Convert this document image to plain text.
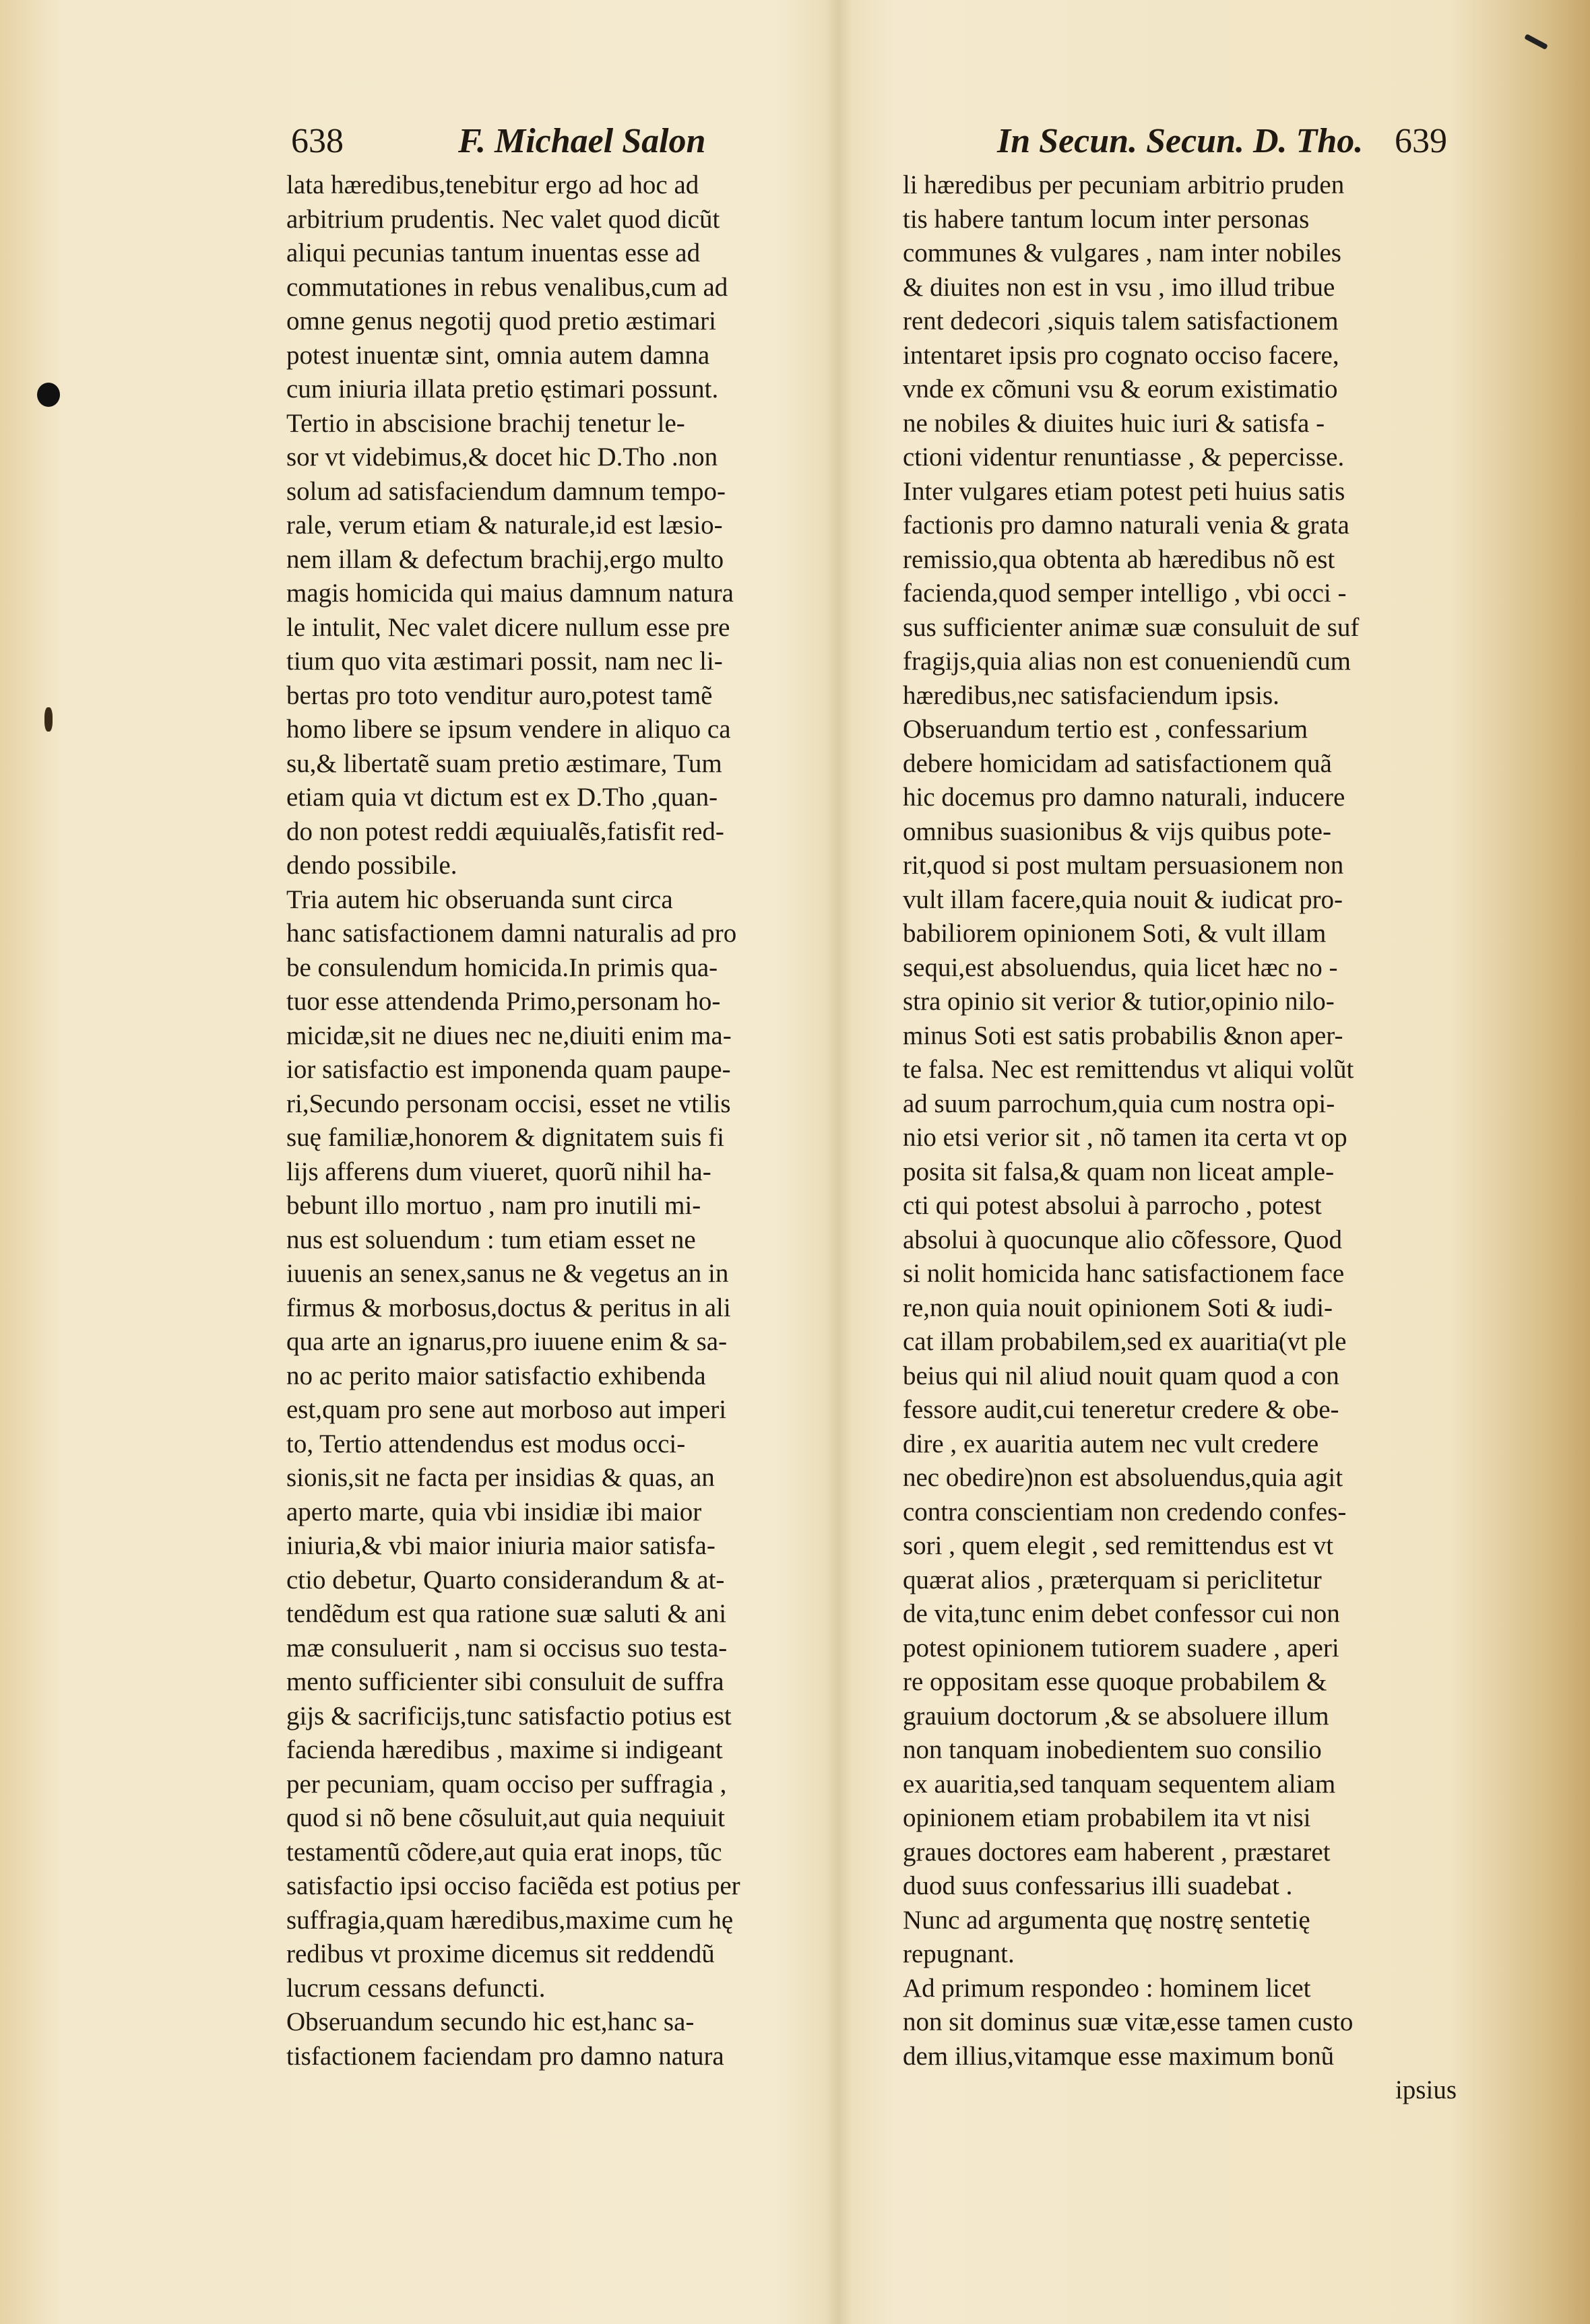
638	F. Michael Salon	In Secun. Secun. D. Tho. 639
lata hæredibus,tenebitur ergo ad hoc ad
arbitrium prudentis. Nec valet quod dicũt
aliqui pecunias tantum inuentas esse ad
commutationes in rebus venalibus,cum ad
omne genus negotij quod pretio æstimari
potest inuentæ sint, omnia autem damna
cum iniuria illata pretio ęstimari possunt.
Tertio in abscisione brachij tenetur le-
sor vt videbimus,& docet hic D.Tho .non
solum ad satisfaciendum damnum tempo-
rale, verum etiam & naturale,id est læsio-
nem illam & defectum brachij,ergo multo
magis homicida qui maius damnum natura
le intulit, Nec valet dicere nullum esse pre
tium quo vita æstimari possit, nam nec li-
bertas pro toto venditur auro,potest tamẽ
homo libere se ipsum vendere in aliquo ca
su,& libertatẽ suam pretio æstimare, Tum
etiam quia vt dictum est ex D.Tho ,quan-
do non potest reddi æquiualẽs,fatisfit red-
dendo possibile.
Tria autem hic obseruanda sunt circa
hanc satisfactionem damni naturalis ad pro
be consulendum homicida.In primis qua-
tuor esse attendenda Primo,personam ho-
micidæ,sit ne diues nec ne,diuiti enim ma-
ior satisfactio est imponenda quam paupe-
ri,Secundo personam occisi, esset ne vtilis
suę familiæ,honorem & dignitatem suis fi
lijs afferens dum viueret, quorũ nihil ha-
bebunt illo mortuo , nam pro inutili mi-
nus est soluendum : tum etiam esset ne
iuuenis an senex,sanus ne & vegetus an in
firmus & morbosus,doctus & peritus in ali
qua arte an ignarus,pro iuuene enim & sa-
no ac perito maior satisfactio exhibenda
est,quam pro sene aut morboso aut imperi
to, Tertio attendendus est modus occi-
sionis,sit ne facta per insidias & quas, an
aperto marte, quia vbi insidiæ ibi maior
iniuria,& vbi maior iniuria maior satisfa-
ctio debetur, Quarto considerandum & at-
tendẽdum est qua ratione suæ saluti & ani
mæ consuluerit , nam si occisus suo testa-
mento sufficienter sibi consuluit de suffra
gijs & sacrificijs,tunc satisfactio potius est
facienda hæredibus , maxime si indigeant
per pecuniam, quam occiso per suffragia ,
quod si nõ bene cõsuluit,aut quia nequiuit
testamentũ cõdere,aut quia erat inops, tũc
satisfactio ipsi occiso faciẽda est potius per
suffragia,quam hæredibus,maxime cum hę
redibus vt proxime dicemus sit reddendũ
lucrum cessans defuncti.
Obseruandum secundo hic est,hanc sa-
tisfactionem faciendam pro damno natura
li hæredibus per pecuniam arbitrio pruden
tis habere tantum locum inter personas
communes & vulgares , nam inter nobiles
& diuites non est in vsu , imo illud tribue
rent dedecori ,siquis talem satisfactionem
intentaret ipsis pro cognato occiso facere,
vnde ex cõmuni vsu & eorum existimatio
ne nobiles & diuites huic iuri & satisfa -
ctioni videntur renuntiasse , & pepercisse.
Inter vulgares etiam potest peti huius satis
factionis pro damno naturali venia & grata
remissio,qua obtenta ab hæredibus nõ est
facienda,quod semper intelligo , vbi occi -
sus sufficienter animæ suæ consuluit de suf
fragijs,quia alias non est conueniendũ cum
hæredibus,nec satisfaciendum ipsis.
Obseruandum tertio est , confessarium
debere homicidam ad satisfactionem quã
hic docemus pro damno naturali, inducere
omnibus suasionibus & vijs quibus pote-
rit,quod si post multam persuasionem non
vult illam facere,quia nouit & iudicat pro-
babiliorem opinionem Soti, & vult illam
sequi,est absoluendus, quia licet hæc no -
stra opinio sit verior & tutior,opinio nilo-
minus Soti est satis probabilis &non aper-
te falsa. Nec est remittendus vt aliqui volũt
ad suum parrochum,quia cum nostra opi-
nio etsi verior sit , nõ tamen ita certa vt op
posita sit falsa,& quam non liceat ample-
cti qui potest absolui à parrocho , potest
absolui à quocunque alio cõfessore, Quod
si nolit homicida hanc satisfactionem face
re,non quia nouit opinionem Soti & iudi-
cat illam probabilem,sed ex auaritia(vt ple
beius qui nil aliud nouit quam quod a con
fessore audit,cui teneretur credere & obe-
dire , ex auaritia autem nec vult credere
nec obedire)non est absoluendus,quia agit
contra conscientiam non credendo confes-
sori , quem elegit , sed remittendus est vt
quærat alios , præterquam si periclitetur
de vita,tunc enim debet confessor cui non
potest opinionem tutiorem suadere , aperi
re oppositam esse quoque probabilem &
grauium doctorum ,& se absoluere illum
non tanquam inobedientem suo consilio
ex auaritia,sed tanquam sequentem aliam
opinionem etiam probabilem ita vt nisi
graues doctores eam haberent , præstaret
duod suus confessarius illi suadebat .
Nunc ad argumenta quę nostrę sentetię
repugnant.
Ad primum respondeo : hominem licet
non sit dominus suæ vitæ,esse tamen custo
dem illius,vitamque esse maximum bonũ
ipsius
